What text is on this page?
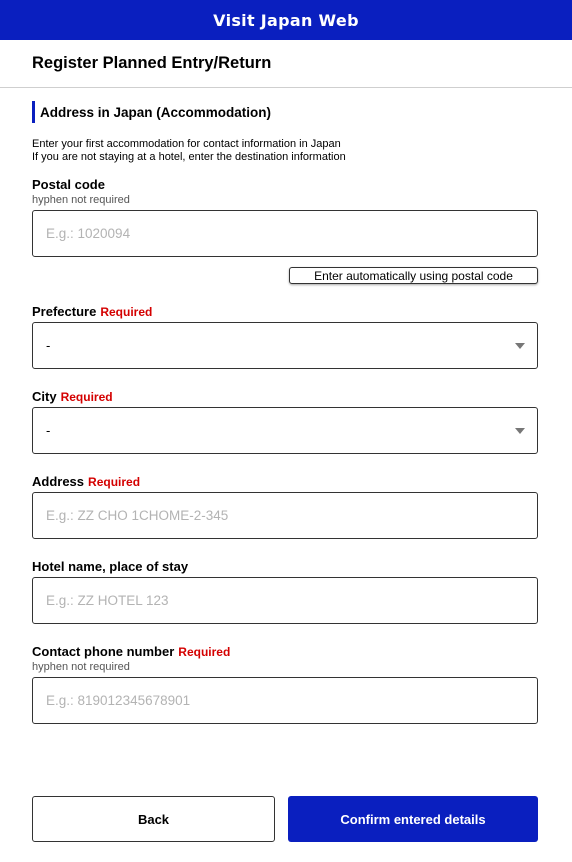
Visit Japan Web
Register Planned Entry/Return
Address in Japan (Accommodation)
Enter your first accommodation for contact information in Japan
If you are not staying at a hotel, enter the destination information
Postal code
hyphen not required
E.g.: 1020094
Enter automatically using postal code
Prefecture Required
-
City Required
-
Address Required
E.g.: ZZ CHO 1CHOME-2-345
Hotel name, place of stay
E.g.: ZZ HOTEL 123
Contact phone number Required
hyphen not required
E.g.: 819012345678901
Back	Confirm entered details
